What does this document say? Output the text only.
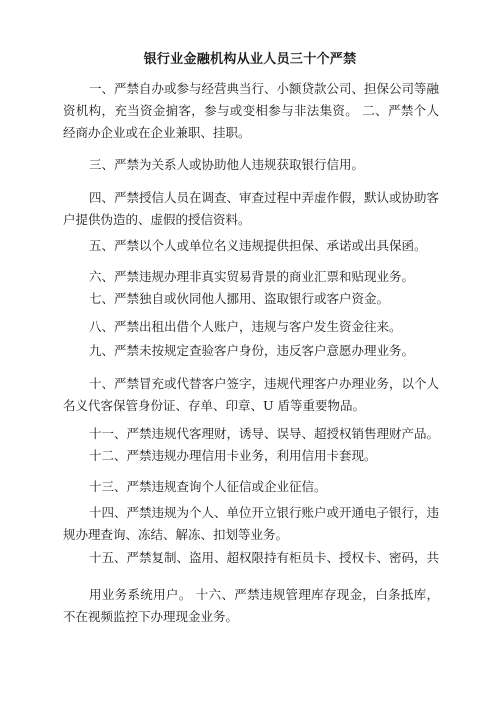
银行业金融机构从业人员三十个严禁
一、严禁自办或参与经营典当行、小额贷款公司、担保公司等融资机构，充当资金掮客，参与或变相参与非法集资。 二、严禁个人经商办企业或在企业兼职、挂职。
三、严禁为关系人或协助他人违规获取银行信用。
四、严禁授信人员在调查、审查过程中弄虚作假，默认或协助客户提供伪造的、虚假的授信资料。
五、严禁以个人或单位名义违规提供担保、承诺或出具保函。
六、严禁违规办理非真实贸易背景的商业汇票和贴现业务。
七、严禁独自或伙同他人挪用、盗取银行或客户资金。
八、严禁出租出借个人账户，违规与客户发生资金往来。
九、严禁未按规定查验客户身份，违反客户意愿办理业务。
十、严禁冒充或代替客户签字，违规代理客户办理业务，以个人名义代客保管身份证、存单、印章、U 盾等重要物品。
十一、严禁违规代客理财，诱导、误导、超授权销售理财产品。
十二、严禁违规办理信用卡业务，利用信用卡套现。
十三、严禁违规查询个人征信或企业征信。
十四、严禁违规为个人、单位开立银行账户或开通电子银行，违规办理查询、冻结、解冻、扣划等业务。
十五、严禁复制、盗用、超权限持有柜员卡、授权卡、密码，共
用业务系统用户。 十六、严禁违规管理库存现金，白条抵库，不在视频监控下办理现金业务。
